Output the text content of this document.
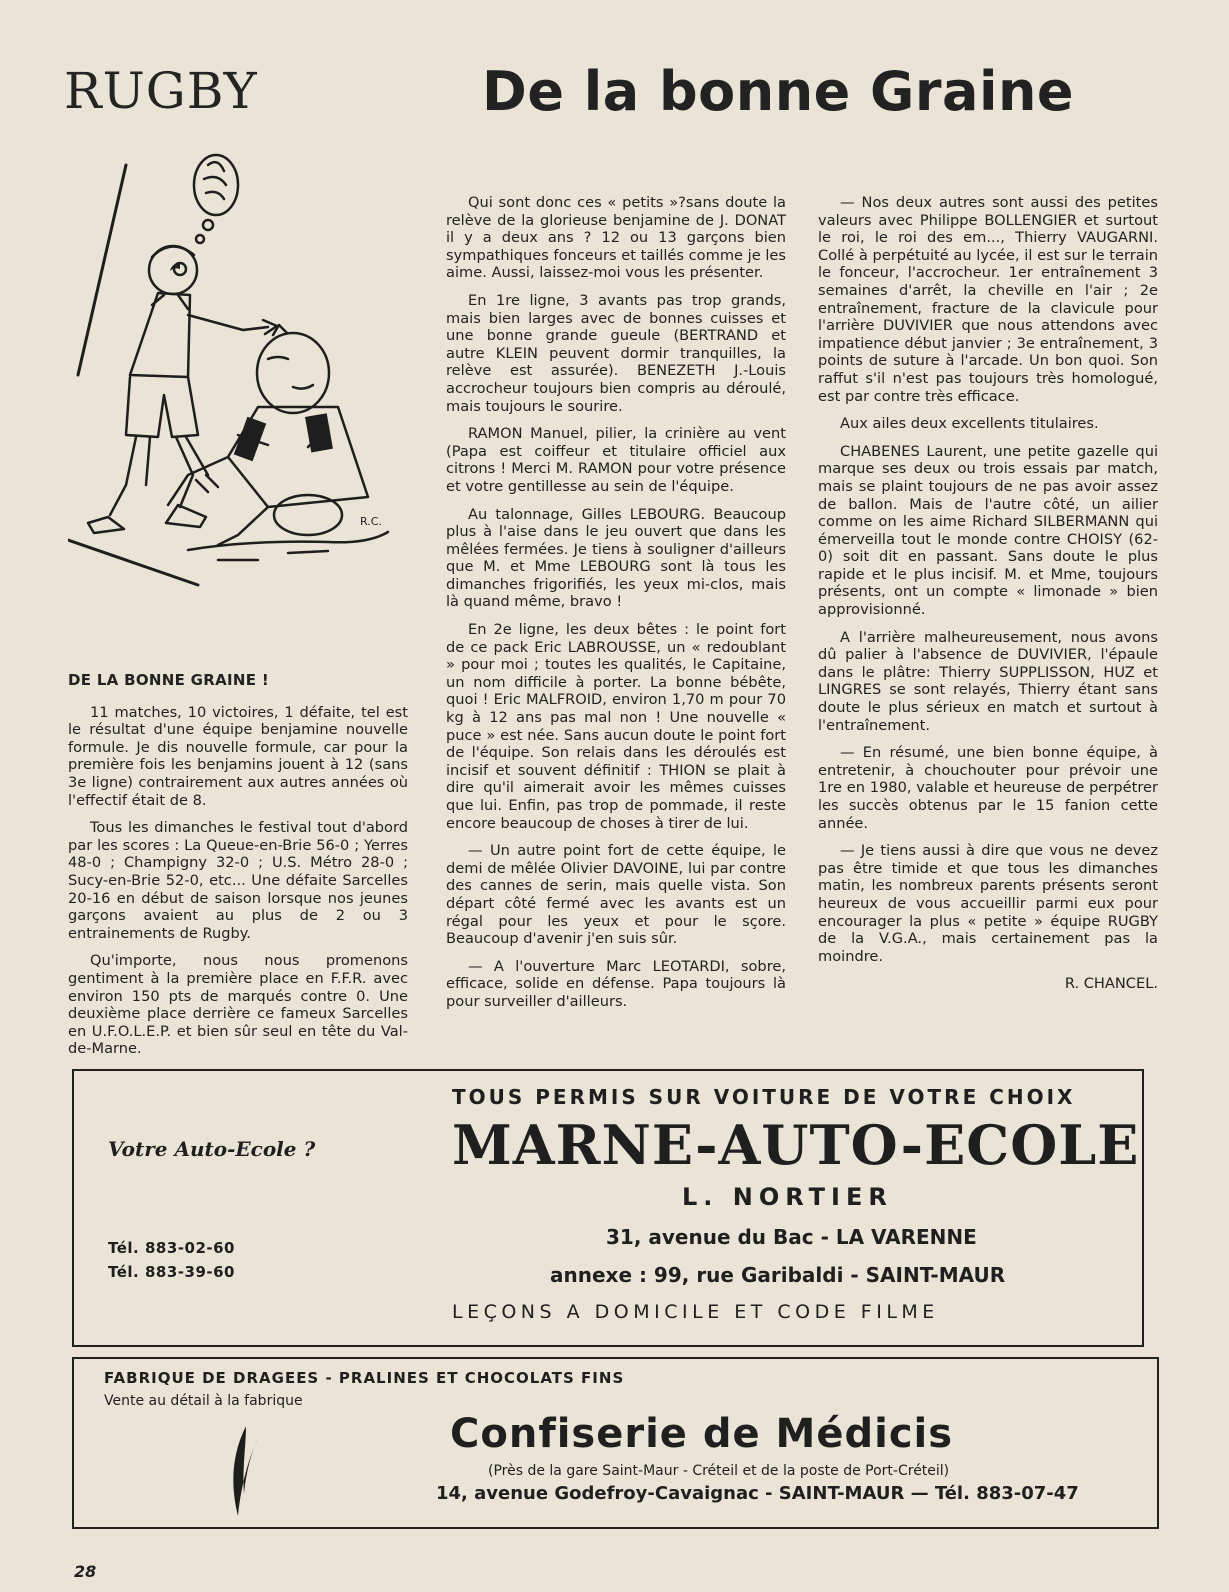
RUGBY	De la bonne Graine
R.C.
DE LA BONNE GRAINE !

11 matches, 10 victoires, 1 défaite, tel est le résultat d'une équipe benjamine nouvelle formule. Je dis nouvelle formule, car pour la première fois les benjamins jouent à 12 (sans 3e ligne) contrairement aux autres années où l'effectif était de 8.

Tous les dimanches le festival tout d'abord par les scores : La Queue-en-Brie 56-0 ; Yerres 48-0 ; Champigny 32-0 ; U.S. Métro 28-0 ; Sucy-en-Brie 52-0, etc... Une défaite Sarcelles 20-16 en début de saison lorsque nos jeunes garçons avaient au plus de 2 ou 3 entrainements de Rugby.

Qu'importe, nous nous promenons gentiment à la première place en F.F.R. avec environ 150 pts de marqués contre 0. Une deuxième place derrière ce fameux Sarcelles en U.F.O.L.E.P. et bien sûr seul en tête du Val-de-Marne.

Qui sont donc ces « petits »?sans doute la relève de la glorieuse benjamine de J. DONAT il y a deux ans ? 12 ou 13 garçons bien sympathiques fonceurs et taillés comme je les aime. Aussi, laissez-moi vous les présenter.

En 1re ligne, 3 avants pas trop grands, mais bien larges avec de bonnes cuisses et une bonne grande gueule (BERTRAND et autre KLEIN peuvent dormir tranquilles, la relève est assurée). BENEZETH J.-Louis accrocheur toujours bien compris au déroulé, mais toujours le sourire.

RAMON Manuel, pilier, la crinière au vent (Papa est coiffeur et titulaire officiel aux citrons ! Merci M. RAMON pour votre présence et votre gentillesse au sein de l'équipe.

Au talonnage, Gilles LEBOURG. Beaucoup plus à l'aise dans le jeu ouvert que dans les mêlées fermées. Je tiens à souligner d'ailleurs que M. et Mme LEBOURG sont là tous les dimanches frigorifiés, les yeux mi-clos, mais là quand même, bravo !

En 2e ligne, les deux bêtes : le point fort de ce pack Eric LABROUSSE, un « redoublant » pour moi ; toutes les qualités, le Capitaine, un nom difficile à porter. La bonne bébête, quoi ! Eric MALFROID, environ 1,70 m pour 70 kg à 12 ans pas mal non ! Une nouvelle « puce » est née. Sans aucun doute le point fort de l'équipe. Son relais dans les déroulés est incisif et souvent définitif : THION se plait à dire qu'il aimerait avoir les mêmes cuisses que lui. Enfin, pas trop de pommade, il reste encore beaucoup de choses à tirer de lui.

— Un autre point fort de cette équipe, le demi de mêlée Olivier DAVOINE, lui par contre des cannes de serin, mais quelle vista. Son départ côté fermé avec les avants est un régal pour les yeux et pour le sçore. Beaucoup d'avenir j'en suis sûr.

— A l'ouverture Marc LEOTARDI, sobre, efficace, solide en défense. Papa toujours là pour surveiller d'ailleurs.

— Nos deux autres sont aussi des petites valeurs avec Philippe BOLLENGIER et surtout le roi, le roi des em..., Thierry VAUGARNI. Collé à perpétuité au lycée, il est sur le terrain le fonceur, l'accrocheur. 1er entraînement 3 semaines d'arrêt, la cheville en l'air ; 2e entraînement, fracture de la clavicule pour l'arrière DUVIVIER que nous attendons avec impatience début janvier ; 3e entraînement, 3 points de suture à l'arcade. Un bon quoi. Son raffut s'il n'est pas toujours très homologué, est par contre très efficace.

Aux ailes deux excellents titulaires.

CHABENES Laurent, une petite gazelle qui marque ses deux ou trois essais par match, mais se plaint toujours de ne pas avoir assez de ballon. Mais de l'autre côté, un ailier comme on les aime Richard SILBERMANN qui émerveilla tout le monde contre CHOISY (62-0) soit dit en passant. Sans doute le plus rapide et le plus incisif. M. et Mme, toujours présents, ont un compte « limonade » bien approvisionné.

A l'arrière malheureusement, nous avons dû palier à l'absence de DUVIVIER, l'épaule dans le plâtre: Thierry SUPPLISSON, HUZ et LINGRES se sont relayés, Thierry étant sans doute le plus sérieux en match et surtout à l'entraînement.

— En résumé, une bien bonne équipe, à entretenir, à chouchouter pour prévoir une 1re en 1980, valable et heureuse de perpétrer les succès obtenus par le 15 fanion cette année.

— Je tiens aussi à dire que vous ne devez pas être timide et que tous les dimanches matin, les nombreux parents présents seront heureux de vous accueillir parmi eux pour encourager la plus « petite » équipe RUGBY de la V.G.A., mais certainement pas la moindre.

R. CHANCEL.
Votre Auto-Ecole ?
Tél. 883-02-60
Tél. 883-39-60
TOUS PERMIS SUR VOITURE DE VOTRE CHOIX
MARNE-AUTO-ECOLE
L. NORTIER
31, avenue du Bac - LA VARENNE
annexe : 99, rue Garibaldi - SAINT-MAUR
LEÇONS A DOMICILE ET CODE FILME
FABRIQUE DE DRAGEES - PRALINES ET CHOCOLATS FINS
Vente au détail à la fabrique
Confiserie de Médicis
(Près de la gare Saint-Maur - Créteil et de la poste de Port-Créteil)
14, avenue Godefroy-Cavaignac - SAINT-MAUR — Tél. 883-07-47
28
